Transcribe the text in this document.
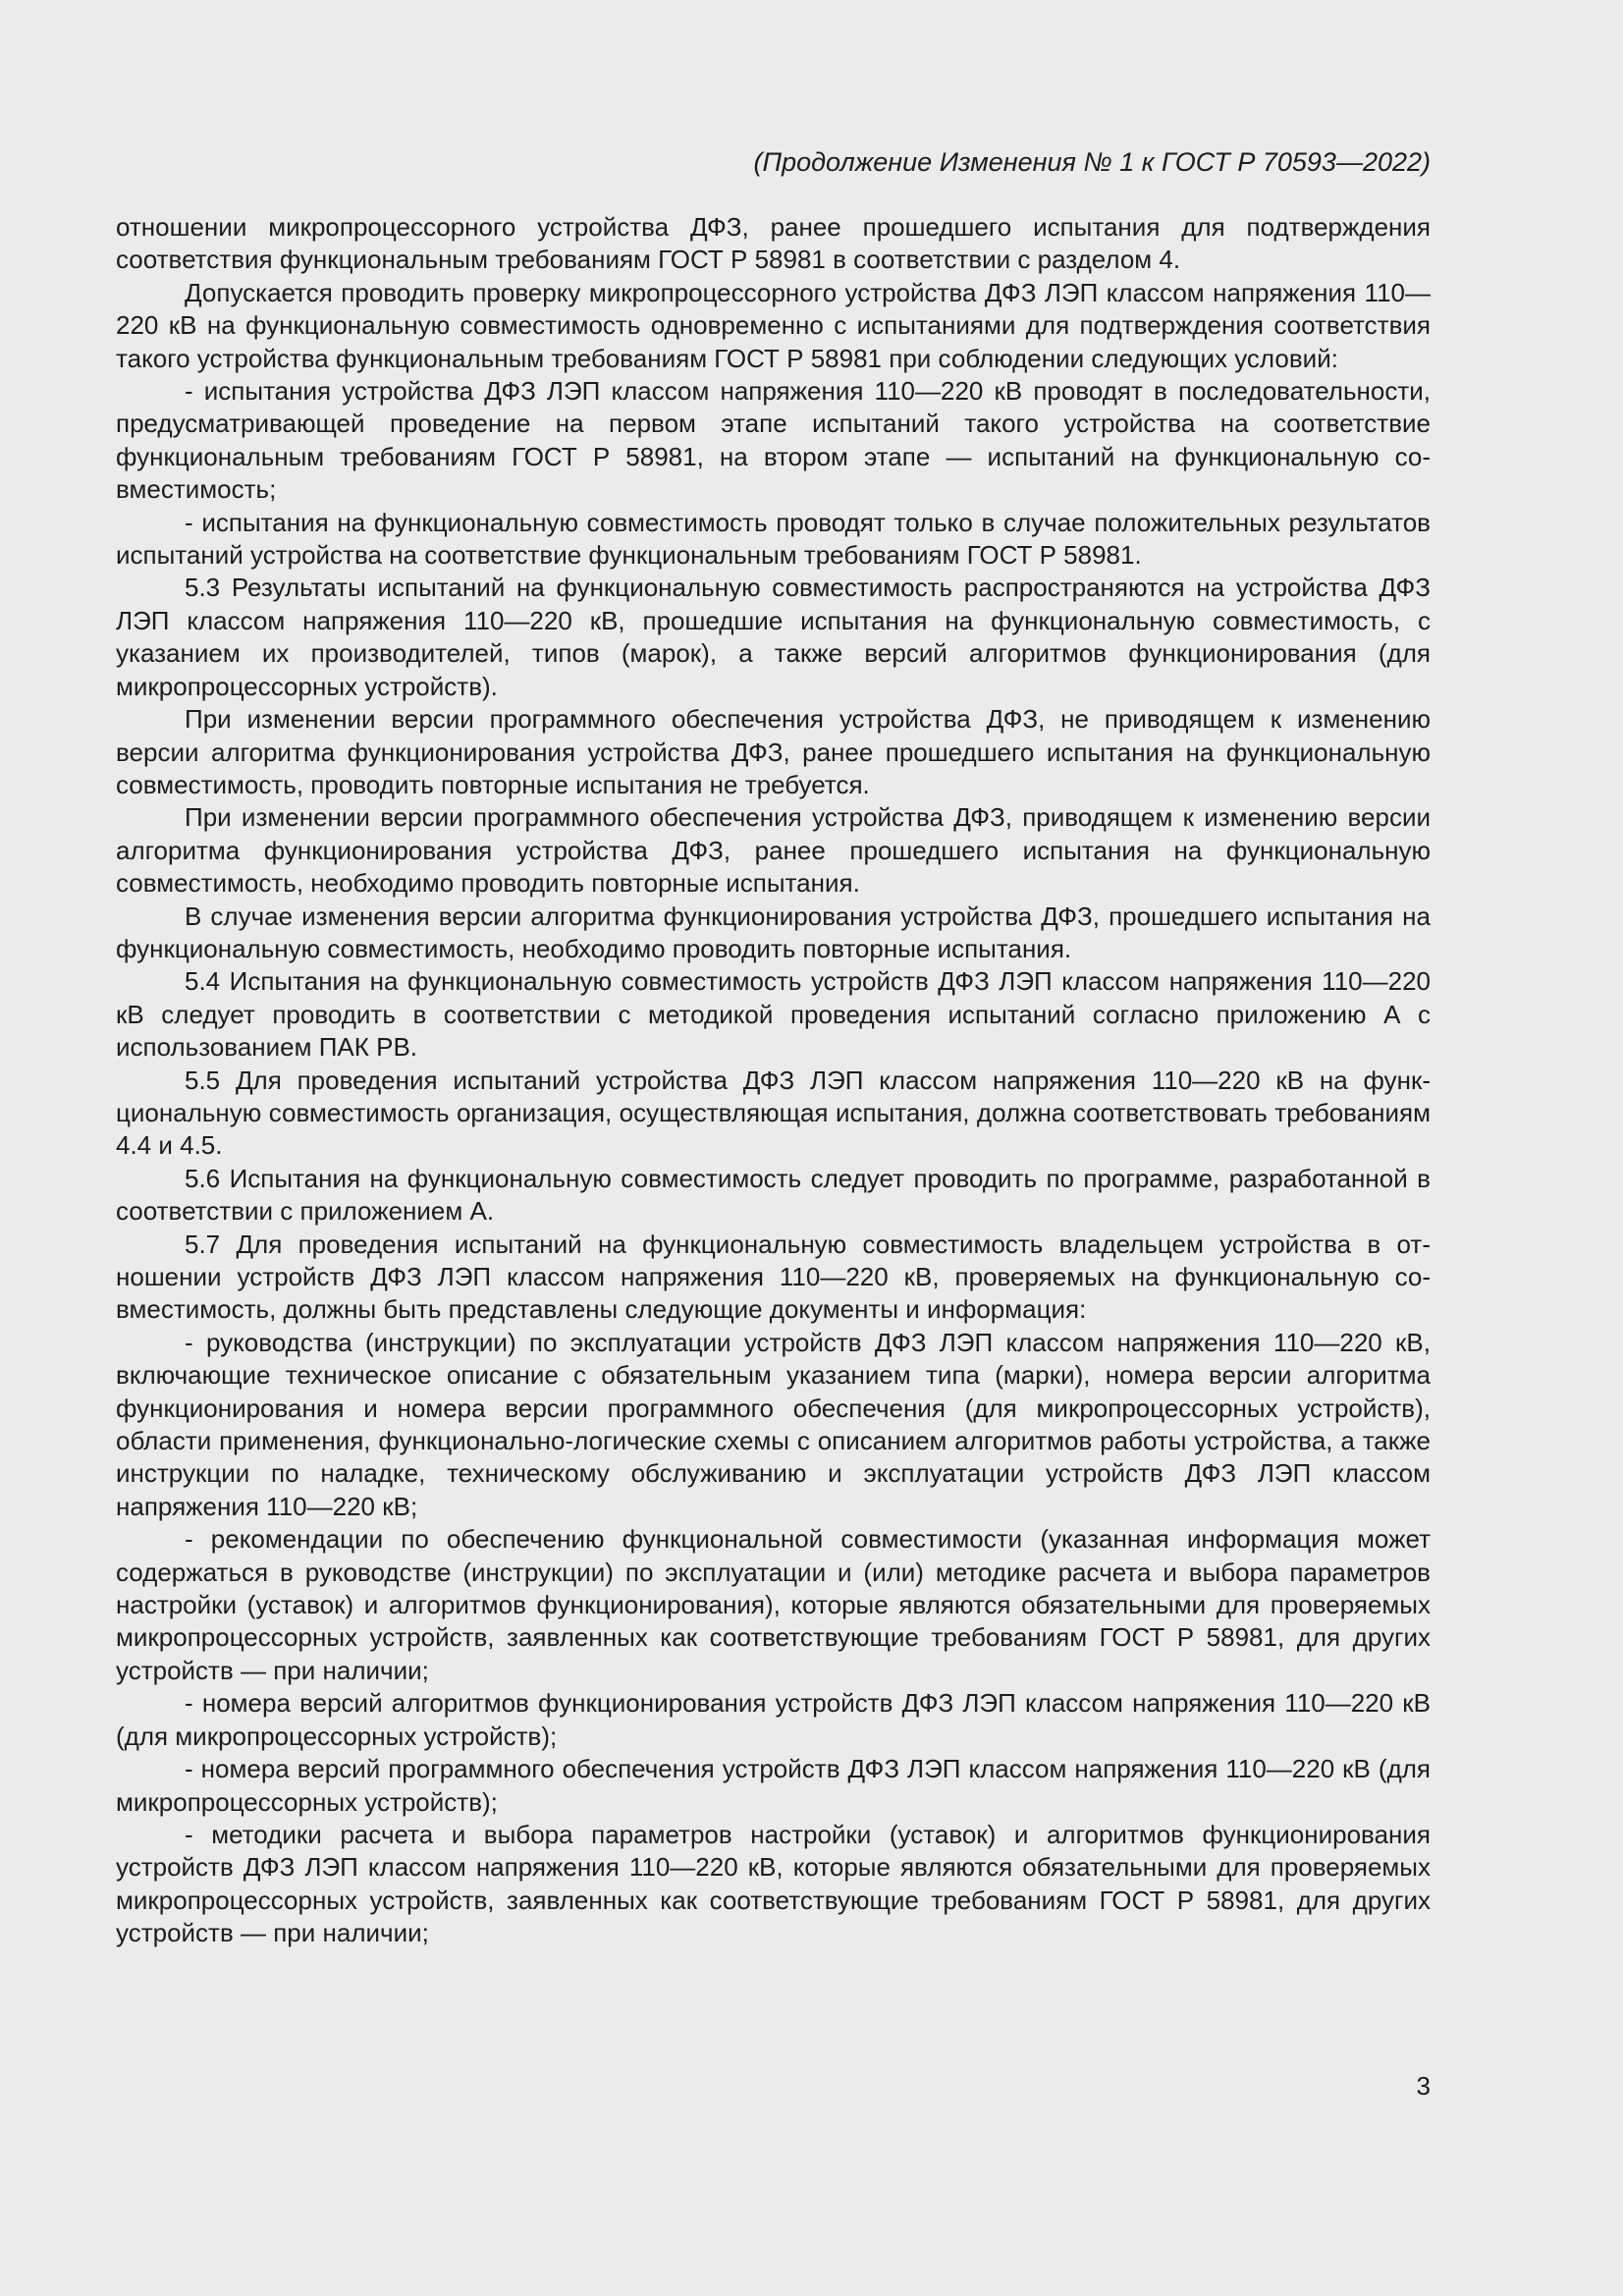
(Продолжение Изменения № 1 к ГОСТ Р 70593—2022)

отношении микропроцессорного устройства ДФЗ, ранее прошедшего испытания для подтверждения соответствия функциональным требованиям ГОСТ Р 58981 в соответствии с разделом 4.

Допускается проводить проверку микропроцессорного устройства ДФЗ ЛЭП классом напряжения 110—220 кВ на функциональную совместимость одновременно с испытаниями для подтверждения соответствия такого устройства функциональным требованиям ГОСТ Р 58981 при соблюдении следующих условий:

- испытания устройства ДФЗ ЛЭП классом напряжения 110—220 кВ проводят в последовательности, предусматривающей проведение на первом этапе испытаний такого устройства на соответствие функциональным требованиям ГОСТ Р 58981, на втором этапе — испытаний на функциональную совместимость;

- испытания на функциональную совместимость проводят только в случае положительных результатов испытаний устройства на соответствие функциональным требованиям ГОСТ Р 58981.

5.3 Результаты испытаний на функциональную совместимость распространяются на устройства ДФЗ ЛЭП классом напряжения 110—220 кВ, прошедшие испытания на функциональную совместимость, с указанием их производителей, типов (марок), а также версий алгоритмов функционирования (для микропроцессорных устройств).

При изменении версии программного обеспечения устройства ДФЗ, не приводящем к изменению версии алгоритма функционирования устройства ДФЗ, ранее прошедшего испытания на функциональную совместимость, проводить повторные испытания не требуется.

При изменении версии программного обеспечения устройства ДФЗ, приводящем к изменению версии алгоритма функционирования устройства ДФЗ, ранее прошедшего испытания на функциональную совместимость, необходимо проводить повторные испытания.

В случае изменения версии алгоритма функционирования устройства ДФЗ, прошедшего испытания на функциональную совместимость, необходимо проводить повторные испытания.

5.4 Испытания на функциональную совместимость устройств ДФЗ ЛЭП классом напряжения 110—220 кВ следует проводить в соответствии с методикой проведения испытаний согласно приложению А с использованием ПАК РВ.

5.5 Для проведения испытаний устройства ДФЗ ЛЭП классом напряжения 110—220 кВ на функциональную совместимость организация, осуществляющая испытания, должна соответствовать требованиям 4.4 и 4.5.

5.6 Испытания на функциональную совместимость следует проводить по программе, разработанной в соответствии с приложением А.

5.7 Для проведения испытаний на функциональную совместимость владельцем устройства в отношении устройств ДФЗ ЛЭП классом напряжения 110—220 кВ, проверяемых на функциональную совместимость, должны быть представлены следующие документы и информация:

- руководства (инструкции) по эксплуатации устройств ДФЗ ЛЭП классом напряжения 110—220 кВ, включающие техническое описание с обязательным указанием типа (марки), номера версии алгоритма функционирования и номера версии программного обеспечения (для микропроцессорных устройств), области применения, функционально-логические схемы с описанием алгоритмов работы устройства, а также инструкции по наладке, техническому обслуживанию и эксплуатации устройств ДФЗ ЛЭП классом напряжения 110—220 кВ;

- рекомендации по обеспечению функциональной совместимости (указанная информация может содержаться в руководстве (инструкции) по эксплуатации и (или) методике расчета и выбора параметров настройки (уставок) и алгоритмов функционирования), которые являются обязательными для проверяемых микропроцессорных устройств, заявленных как соответствующие требованиям ГОСТ Р 58981, для других устройств — при наличии;

- номера версий алгоритмов функционирования устройств ДФЗ ЛЭП классом напряжения 110—220 кВ (для микропроцессорных устройств);

- номера версий программного обеспечения устройств ДФЗ ЛЭП классом напряжения 110—220 кВ (для микропроцессорных устройств);

- методики расчета и выбора параметров настройки (уставок) и алгоритмов функционирования устройств ДФЗ ЛЭП классом напряжения 110—220 кВ, которые являются обязательными для проверяемых микропроцессорных устройств, заявленных как соответствующие требованиям ГОСТ Р 58981, для других устройств — при наличии;

3
